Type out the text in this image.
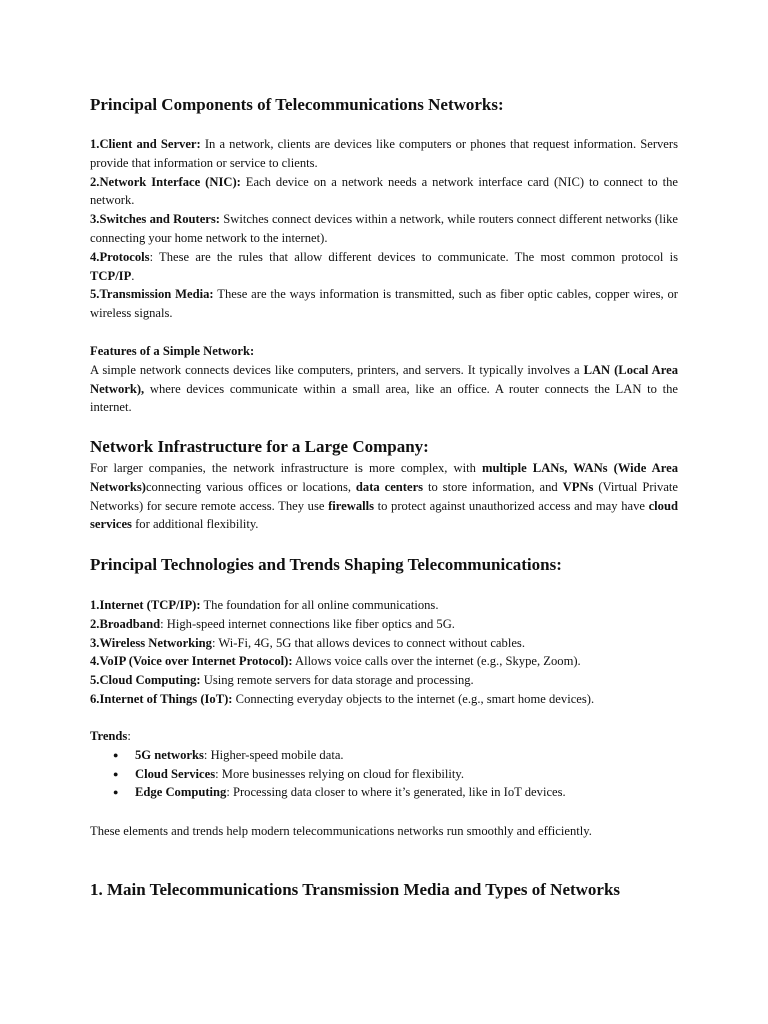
Principal Components of Telecommunications Networks:

1.Client and Server: In a network, clients are devices like computers or phones that request information. Servers provide that information or service to clients.

2.Network Interface (NIC): Each device on a network needs a network interface card (NIC) to connect to the network.

3.Switches and Routers: Switches connect devices within a network, while routers connect different networks (like connecting your home network to the internet).

4.Protocols: These are the rules that allow different devices to communicate. The most common protocol is TCP/IP.

5.Transmission Media: These are the ways information is transmitted, such as fiber optic cables, copper wires, or wireless signals.

Features of a Simple Network:

A simple network connects devices like computers, printers, and servers. It typically involves a LAN (Local Area Network), where devices communicate within a small area, like an office. A router connects the LAN to the internet.

Network Infrastructure for a Large Company:

For larger companies, the network infrastructure is more complex, with multiple LANs, WANs (Wide Area Networks)connecting various offices or locations, data centers to store information, and VPNs (Virtual Private Networks) for secure remote access. They use firewalls to protect against unauthorized access and may have cloud services for additional flexibility.

Principal Technologies and Trends Shaping Telecommunications:

1.Internet (TCP/IP): The foundation for all online communications.

2.Broadband: High-speed internet connections like fiber optics and 5G.

3.Wireless Networking: Wi-Fi, 4G, 5G that allows devices to connect without cables.

4.VoIP (Voice over Internet Protocol): Allows voice calls over the internet (e.g., Skype, Zoom).

5.Cloud Computing: Using remote servers for data storage and processing.

6.Internet of Things (IoT): Connecting everyday objects to the internet (e.g., smart home devices).

Trends:

● 5G networks: Higher-speed mobile data.
● Cloud Services: More businesses relying on cloud for flexibility.
● Edge Computing: Processing data closer to where it’s generated, like in IoT devices.

These elements and trends help modern telecommunications networks run smoothly and efficiently.

1. Main Telecommunications Transmission Media and Types of Networks
